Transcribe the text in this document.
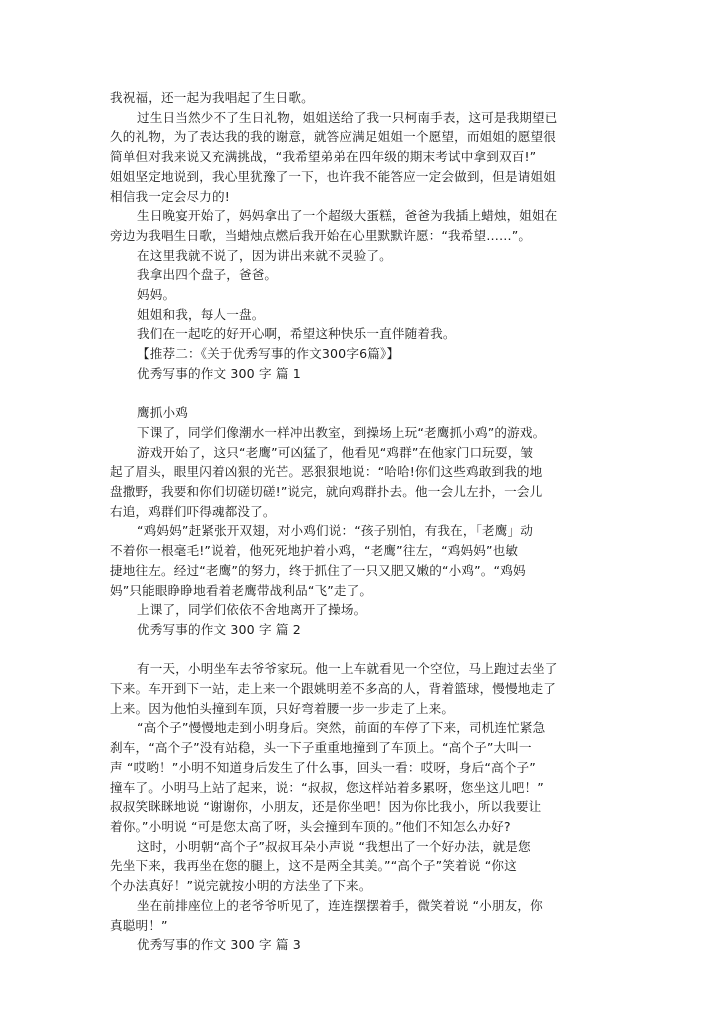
我祝福，还一起为我唱起了生日歌。

过生日当然少不了生日礼物，姐姐送给了我一只柯南手表，这可是我期望已

久的礼物，为了表达我的我的谢意，就答应满足姐姐一个愿望，而姐姐的愿望很

简单但对我来说又充满挑战，“我希望弟弟在四年级的期末考试中拿到双百!”

姐姐坚定地说到，我心里犹豫了一下，也许我不能答应一定会做到，但是请姐姐

相信我一定会尽力的!

生日晚宴开始了，妈妈拿出了一个超级大蛋糕，爸爸为我插上蜡烛，姐姐在

旁边为我唱生日歌，当蜡烛点燃后我开始在心里默默许愿：“我希望……”。

在这里我就不说了，因为讲出来就不灵验了。

我拿出四个盘子，爸爸。

妈妈。

姐姐和我，每人一盘。

我们在一起吃的好开心啊，希望这种快乐一直伴随着我。

【推荐二：《关于优秀写事的作文300字6篇》】

优秀写事的作文 300 字 篇 1

鹰抓小鸡

下课了，同学们像潮水一样冲出教室，到操场上玩“老鹰抓小鸡”的游戏。

游戏开始了，这只“老鹰”可凶猛了，他看见“鸡群”在他家门口玩耍，皱

起了眉头，眼里闪着凶狠的光芒。恶狠狠地说：“哈哈!你们这些鸡敢到我的地

盘撒野，我要和你们切磋切磋!”说完，就向鸡群扑去。他一会儿左扑，一会儿

右追，鸡群们吓得魂都没了。

“鸡妈妈”赶紧张开双翅，对小鸡们说：“孩子别怕，有我在，「老鹰」动

不着你一根毫毛!”说着，他死死地护着小鸡，“老鹰”往左，“鸡妈妈”也敏

捷地往左。经过“老鹰”的努力，终于抓住了一只又肥又嫩的“小鸡”。“鸡妈

妈”只能眼睁睁地看着老鹰带战利品“飞”走了。

上课了，同学们依依不舍地离开了操场。

优秀写事的作文 300 字 篇 2

有一天，小明坐车去爷爷家玩。他一上车就看见一个空位，马上跑过去坐了

下来。车开到下一站，走上来一个跟姚明差不多高的人，背着篮球，慢慢地走了

上来。因为他怕头撞到车顶，只好弯着腰一步一步走了上来。

“高个子”慢慢地走到小明身后。突然，前面的车停了下来，司机连忙紧急

刹车，“高个子”没有站稳，头一下子重重地撞到了车顶上。“高个子”大叫一

声 “哎哟！”小明不知道身后发生了什么事，回头一看：哎呀，身后“高个子”

撞车了。小明马上站了起来，说：“叔叔，您这样站着多累呀，您坐这儿吧！”

叔叔笑眯眯地说 “谢谢你，小朋友，还是你坐吧！因为你比我小，所以我要让

着你。”小明说 “可是您太高了呀，头会撞到车顶的。”他们不知怎么办好?

这时，小明朝“高个子”叔叔耳朵小声说 “我想出了一个好办法，就是您

先坐下来，我再坐在您的腿上，这不是两全其美。”“高个子”笑着说 “你这

个办法真好！”说完就按小明的方法坐了下来。

坐在前排座位上的老爷爷听见了，连连摆摆着手，微笑着说 “小朋友，你

真聪明！”

优秀写事的作文 300 字 篇 3
